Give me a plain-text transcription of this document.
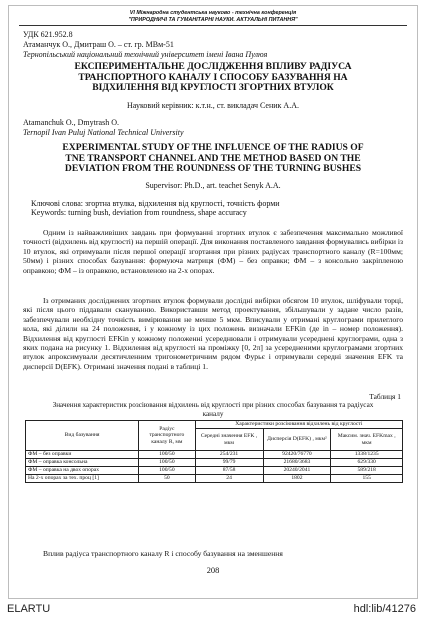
VI Міжнародна студентська науково - технічна конференція
"ПРИРОДНИЧІ ТА ГУМАНІТАРНІ НАУКИ. АКТУАЛЬНІ ПИТАННЯ"
УДК 621.952.8
Атаманчук О., Дмитраш О. – ст. гр. МВм-51
Тернопільський національний технічний університет імені Івана Пулюя
ЕКСПЕРИМЕНТАЛЬНЕ ДОСЛІДЖЕННЯ ВПЛИВУ РАДІУСА
ТРАНСПОРТНОГО КАНАЛУ І СПОСОБУ БАЗУВАННЯ НА
ВІДХИЛЕННЯ ВІД КРУГЛОСТІ ЗГОРТНИХ ВТУЛОК
Науковий керівник: к.т.н., ст. викладач Сеник А.А.
Atamanchuk O., Dmytrash O.
Ternopil Ivan Puluj National Technical University
EXPERIMENTAL STUDY OF THE INFLUENCE OF THE RADIUS OF
TNE TRANSPORT CHANNEL AND THE METHOD BASED ON THE
DEVIATION FROM THE ROUNDNESS OF THE TURNING BUSHES
Supervisor: Ph.D., art. teachet Senyk A.A.
Ключові слова: згортна втулка, відхилення від круглості, точність форми
Keywords: turning bush, deviation from roundness, shape accuracy
Одним із найважливіших завдань при формуванні згортних втулок є забезпечення максимально можливої точності (відхилень від круглості) на першій операції. Для виконання поставленого завдання формувались вибірки із 10 втулок, які отримували після першої операції згортання при різних радіусах транспортного каналу (R=100мм; 50мм) і різних способах базування: формуюча матриця (ФМ) – без оправки; ФМ – з консольно закріпленою оправкою; ФМ – із оправкою, встановленою на 2-х опорах.
Із отриманих досліджених згортних втулок формували дослідні вибірки обсягом 10 втулок, шліфували торці, які після цього піддавали скануванню. Використавши метод проектування, збільшували у задане число разів, забезпечували необхідну точність вимірювання не менше 5 мкм. Вписували у отримані круглограми прилеглого кола, які ділили на 24 положення, і у кожному із цих положень визначали EFKin (де in – номер положення). Відхилення від круглості EFKin у кожному положенні усереднювали і отримували усереднені круглограми, одна з яких подана на рисунку 1. Відхилення від круглості на проміжку [0, 2π] за усередненими круглограмами згортних втулок апроксимували десятичленним тригонометричним рядом Фурьє і отримували середні значення EFK та дисперсії D(EFK). Отримані значення подані в таблиці 1.
Таблиця 1
Значення характеристик розсіювання відхилень від круглості при різних способах базування та радіусах каналу
Вид базування	Радіус транспортного каналу R, мм	Характеристики розсіювання відхилень від круглості		
		Середні значення EFK , мкм	Дисперсія D(EFK) , мкм²	Максим. знач. EFKmax , мкм
ФМ – без оправки	100/50	254/231	92420/76770	1338/1235
ФМ – оправка консольна	100/50	99/79	21680/3683	629/330
ФМ – оправка на двох опорах	100/50	87/58	20240/2041	589/218
На 2-х опорах за тех. проц [1]	50	24	1802	155
Вплив радіуса транспортного каналу R і способу базування на зменшення
208
ELARTU	hdl:lib/41276
